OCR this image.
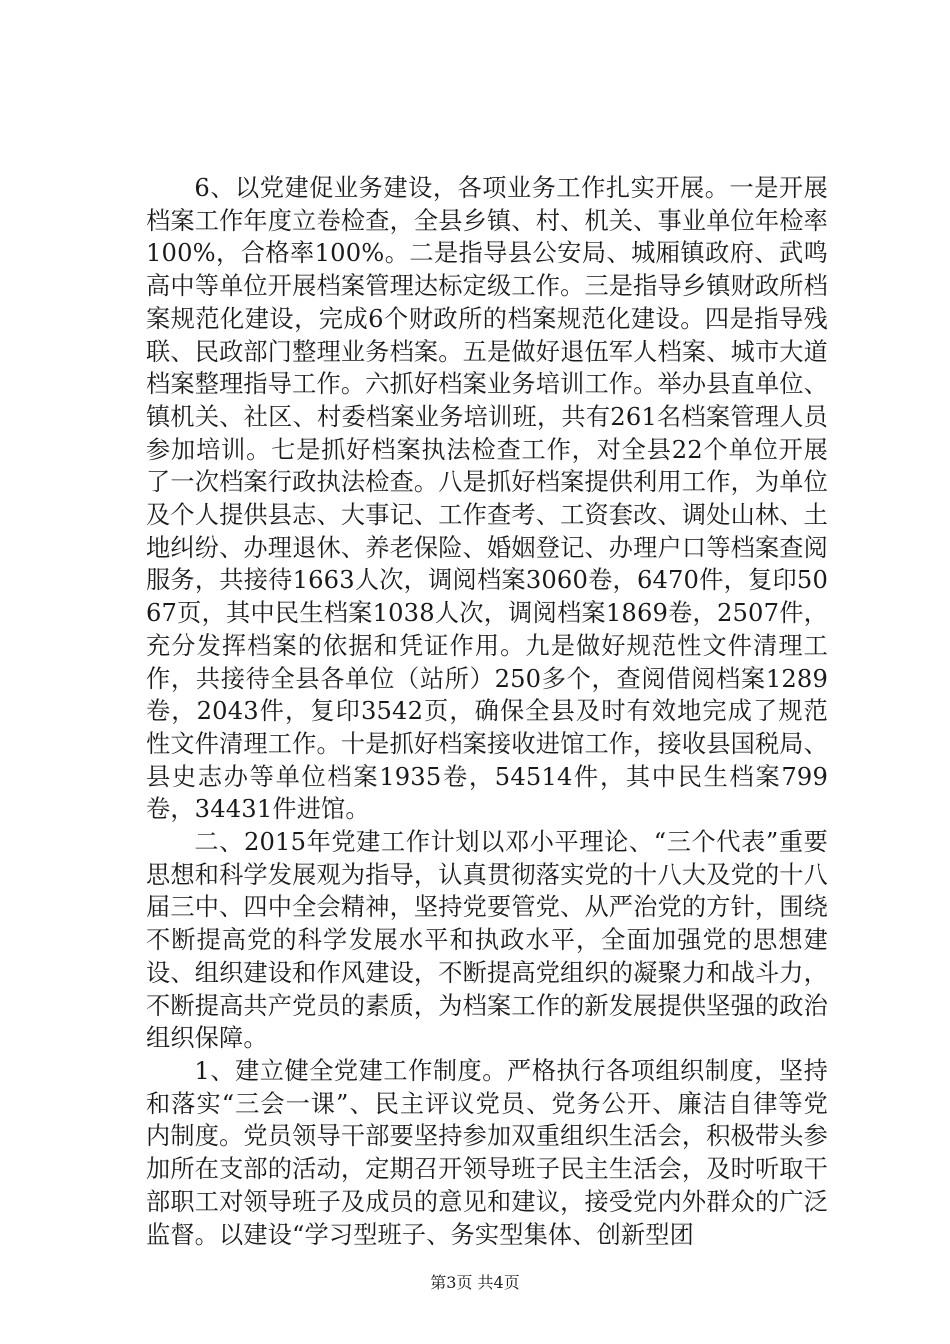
6、以党建促业务建设，各项业务工作扎实开展。一是开展档案工作年度立卷检查，全县乡镇、村、机关、事业单位年检率100%，合格率100%。二是指导县公安局、城厢镇政府、武鸣高中等单位开展档案管理达标定级工作。三是指导乡镇财政所档案规范化建设，完成6个财政所的档案规范化建设。四是指导残联、民政部门整理业务档案。五是做好退伍军人档案、城市大道档案整理指导工作。六抓好档案业务培训工作。举办县直单位、镇机关、社区、村委档案业务培训班，共有261名档案管理人员参加培训。七是抓好档案执法检查工作，对全县22个单位开展了一次档案行政执法检查。八是抓好档案提供利用工作，为单位及个人提供县志、大事记、工作查考、工资套改、调处山林、土地纠纷、办理退休、养老保险、婚姻登记、办理户口等档案查阅服务，共接待1663人次，调阅档案3060卷，6470件，复印5067页，其中民生档案1038人次，调阅档案1869卷，2507件，充分发挥档案的依据和凭证作用。九是做好规范性文件清理工作，共接待全县各单位（站所）250多个，查阅借阅档案1289卷，2043件，复印3542页，确保全县及时有效地完成了规范性文件清理工作。十是抓好档案接收进馆工作，接收县国税局、县史志办等单位档案1935卷，54514件，其中民生档案799卷，34431件进馆。

二、2015年党建工作计划以邓小平理论、“三个代表”重要思想和科学发展观为指导，认真贯彻落实党的十八大及党的十八届三中、四中全会精神，坚持党要管党、从严治党的方针，围绕不断提高党的科学发展水平和执政水平，全面加强党的思想建设、组织建设和作风建设，不断提高党组织的凝聚力和战斗力，不断提高共产党员的素质，为档案工作的新发展提供坚强的政治组织保障。

1、建立健全党建工作制度。严格执行各项组织制度，坚持和落实“三会一课”、民主评议党员、党务公开、廉洁自律等党内制度。党员领导干部要坚持参加双重组织生活会，积极带头参加所在支部的活动，定期召开领导班子民主生活会，及时听取干部职工对领导班子及成员的意见和建议，接受党内外群众的广泛监督。以建设“学习型班子、务实型集体、创新型团

第3页 共4页
